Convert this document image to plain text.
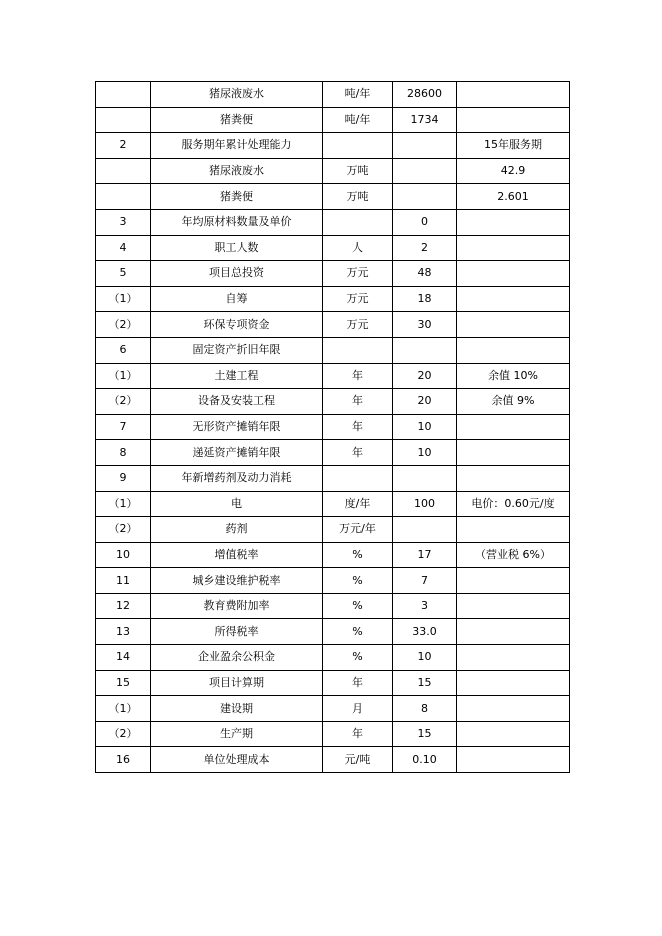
	猪尿液废水	吨/年	28600	
	猪粪便	吨/年	1734	
2	服务期年累计处理能力			15年服务期
	猪尿液废水	万吨		42.9
	猪粪便	万吨		2.601
3	年均原材料数量及单价		0	
4	职工人数	人	2	
5	项目总投资	万元	48	
（1）	自筹	万元	18	
（2）	环保专项资金	万元	30	
6	固定资产折旧年限			
（1）	土建工程	年	20	余值 10%
（2）	设备及安装工程	年	20	余值 9%
7	无形资产摊销年限	年	10	
8	递延资产摊销年限	年	10	
9	年新增药剂及动力消耗			
（1）	电	度/年	100	电价：0.60元/度
（2）	药剂	万元/年		
10	增值税率	%	17	（营业税 6%）
11	城乡建设维护税率	%	7	
12	教育费附加率	%	3	
13	所得税率	%	33.0	
14	企业盈余公积金	%	10	
15	项目计算期	年	15	
（1）	建设期	月	8	
（2）	生产期	年	15	
16	单位处理成本	元/吨	0.10	
